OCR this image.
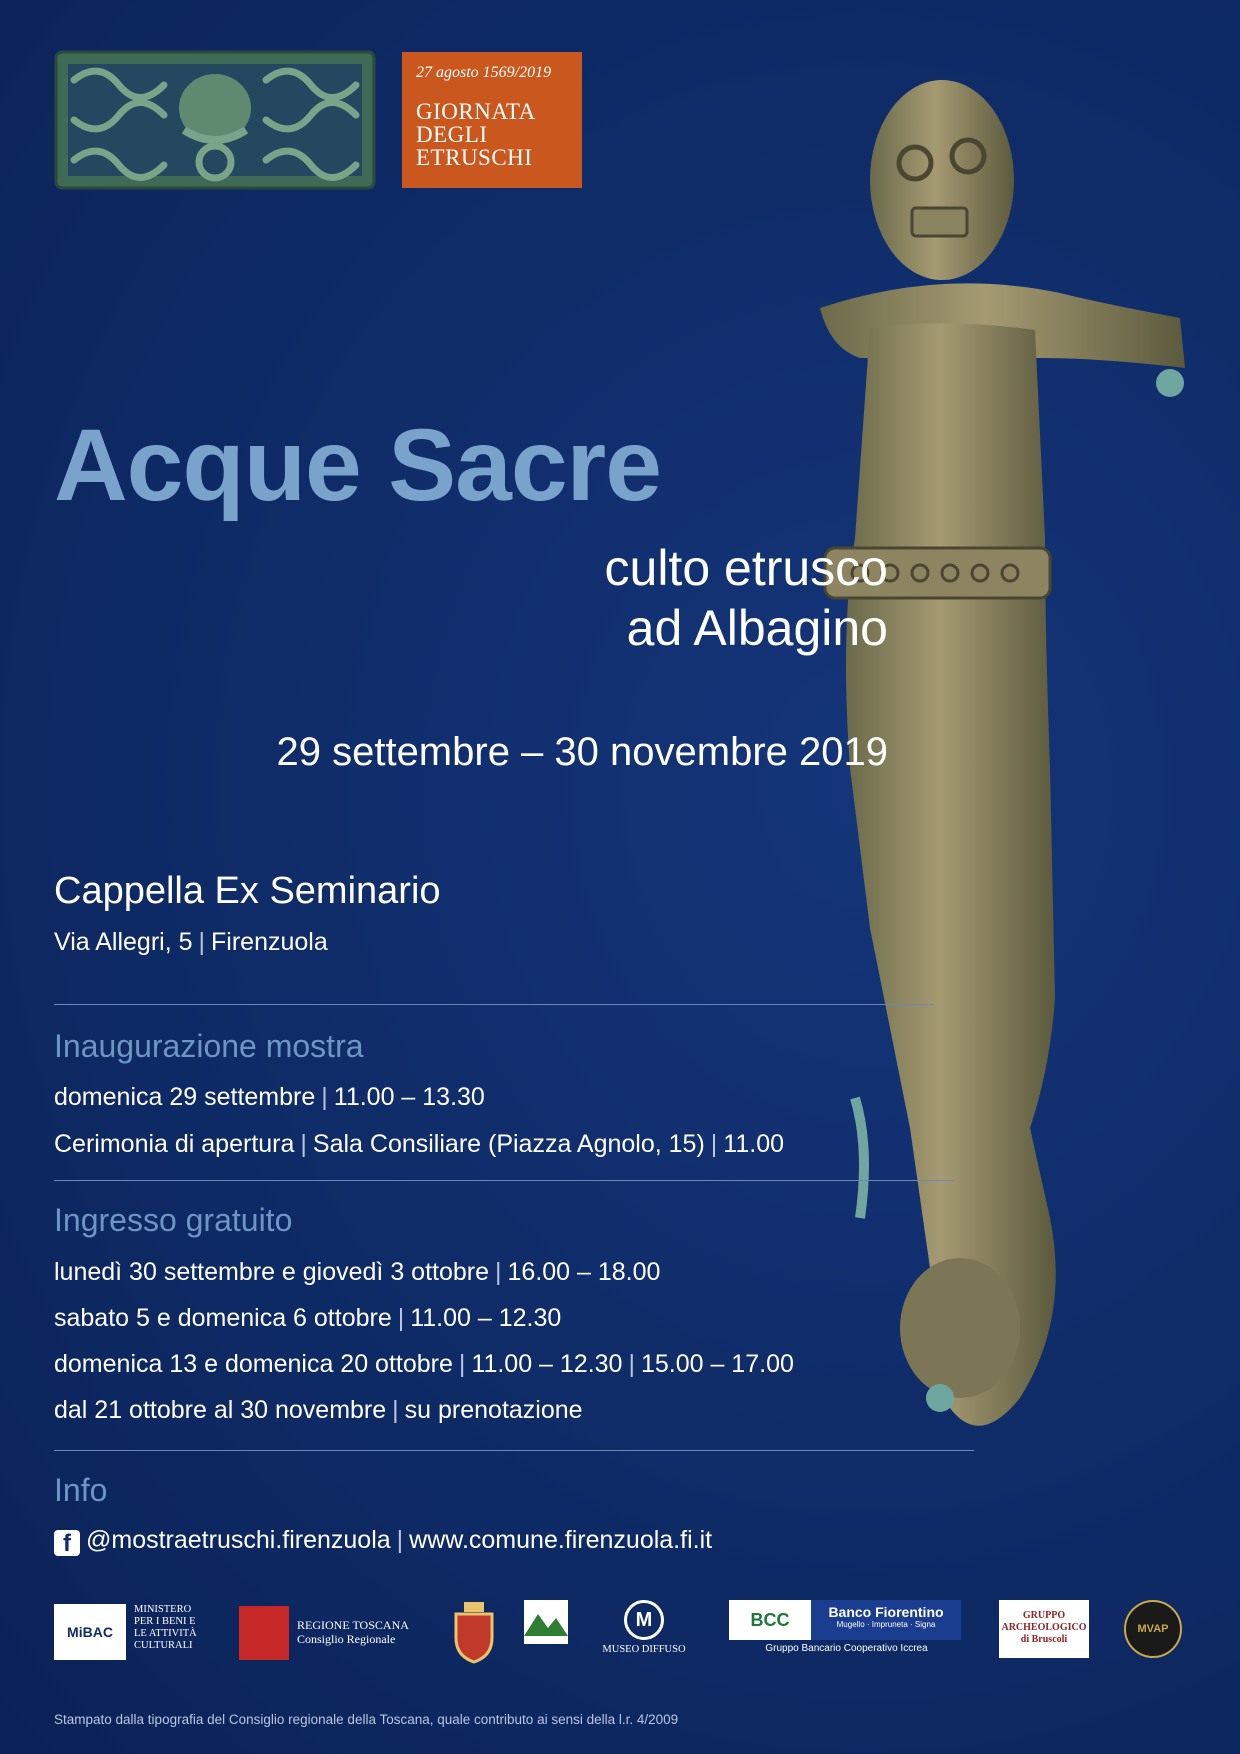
27 agosto 1569/2019
GIORNATA
DEGLI
ETRUSCHI
Acque Sacre
culto etrusco
ad Albagino
29 settembre – 30 novembre 2019
Cappella Ex Seminario
Via Allegri, 5 | Firenzuola
Inaugurazione mostra
domenica 29 settembre | 11.00 – 13.30
Cerimonia di apertura | Sala Consiliare (Piazza Agnolo, 15) | 11.00
Ingresso gratuito
lunedì 30 settembre e giovedì 3 ottobre | 16.00 – 18.00
sabato 5 e domenica 6 ottobre | 11.00 – 12.30
domenica 13 e domenica 20 ottobre | 11.00 – 12.30 | 15.00 – 17.00
dal 21 ottobre al 30 novembre | su prenotazione
Info
f @mostraetruschi.firenzuola | www.comune.firenzuola.fi.it
MiBAC
MINISTERO
PER I BENI E
LE ATTIVITÀ
CULTURALI
REGIONE TOSCANA
Consiglio Regionale
M
MUSEO DIFFUSO
BCC	Banco Fiorentino
Mugello · Impruneta · Signa
Gruppo Bancario Cooperativo Iccrea
GRUPPO
ARCHEOLOGICO
di Bruscoli
MVAP
Stampato dalla tipografia del Consiglio regionale della Toscana, quale contributo ai sensi della l.r. 4/2009
